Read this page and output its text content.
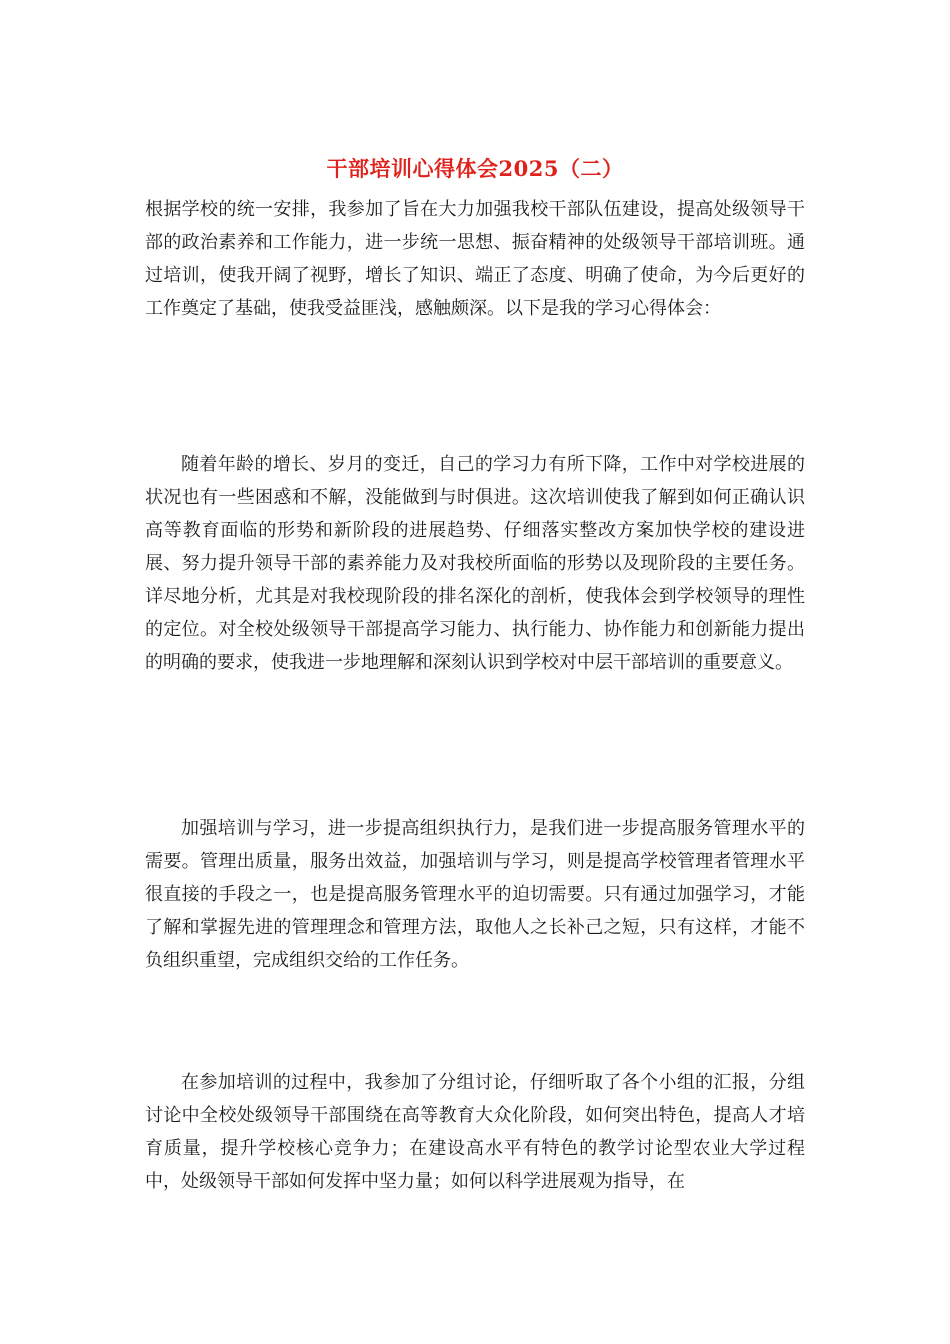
干部培训心得体会2025（二）

根据学校的统一安排，我参加了旨在大力加强我校干部队伍建设，提高处级领导干部的政治素养和工作能力，进一步统一思想、振奋精神的处级领导干部培训班。通过培训，使我开阔了视野，增长了知识、端正了态度、明确了使命，为今后更好的工作奠定了基础，使我受益匪浅，感触颇深。以下是我的学习心得体会：

随着年龄的增长、岁月的变迁，自己的学习力有所下降，工作中对学校进展的状况也有一些困惑和不解，没能做到与时俱进。这次培训使我了解到如何正确认识高等教育面临的形势和新阶段的进展趋势、仔细落实整改方案加快学校的建设进展、努力提升领导干部的素养能力及对我校所面临的形势以及现阶段的主要任务。详尽地分析，尤其是对我校现阶段的排名深化的剖析，使我体会到学校领导的理性的定位。对全校处级领导干部提高学习能力、执行能力、协作能力和创新能力提出的明确的要求，使我进一步地理解和深刻认识到学校对中层干部培训的重要意义。

加强培训与学习，进一步提高组织执行力，是我们进一步提高服务管理水平的需要。管理出质量，服务出效益，加强培训与学习，则是提高学校管理者管理水平很直接的手段之一，也是提高服务管理水平的迫切需要。只有通过加强学习，才能了解和掌握先进的管理理念和管理方法，取他人之长补己之短，只有这样，才能不负组织重望，完成组织交给的工作任务。

在参加培训的过程中，我参加了分组讨论，仔细听取了各个小组的汇报，分组讨论中全校处级领导干部围绕在高等教育大众化阶段，如何突出特色，提高人才培育质量，提升学校核心竞争力；在建设高水平有特色的教学讨论型农业大学过程中，处级领导干部如何发挥中坚力量；如何以科学进展观为指导，在
